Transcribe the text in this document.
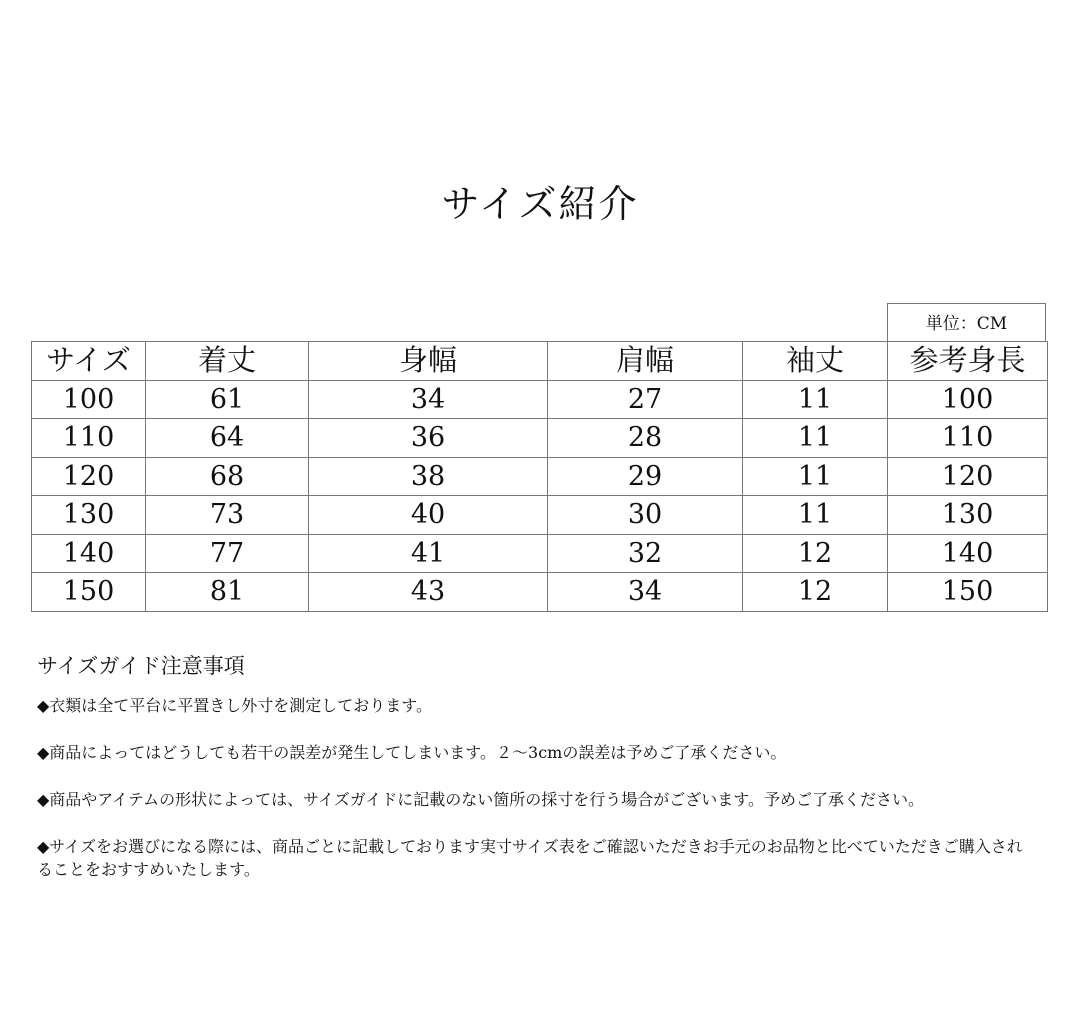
サイズ紹介
単位：CM
サイズ	着丈	身幅	肩幅	袖丈	参考身長
100	61	34	27	11	100
110	64	36	28	11	110
120	68	38	29	11	120
130	73	40	30	11	130
140	77	41	32	12	140
150	81	43	34	12	150
サイズガイド注意事項
◆衣類は全て平台に平置きし外寸を測定しております。
◆商品によってはどうしても若干の誤差が発生してしまいます。２～3cmの誤差は予めご了承ください。
◆商品やアイテムの形状によっては、サイズガイドに記載のない箇所の採寸を行う場合がございます。予めご了承ください。
◆サイズをお選びになる際には、商品ごとに記載しております実寸サイズ表をご確認いただきお手元のお品物と比べていただきご購入されることをおすすめいたします。
